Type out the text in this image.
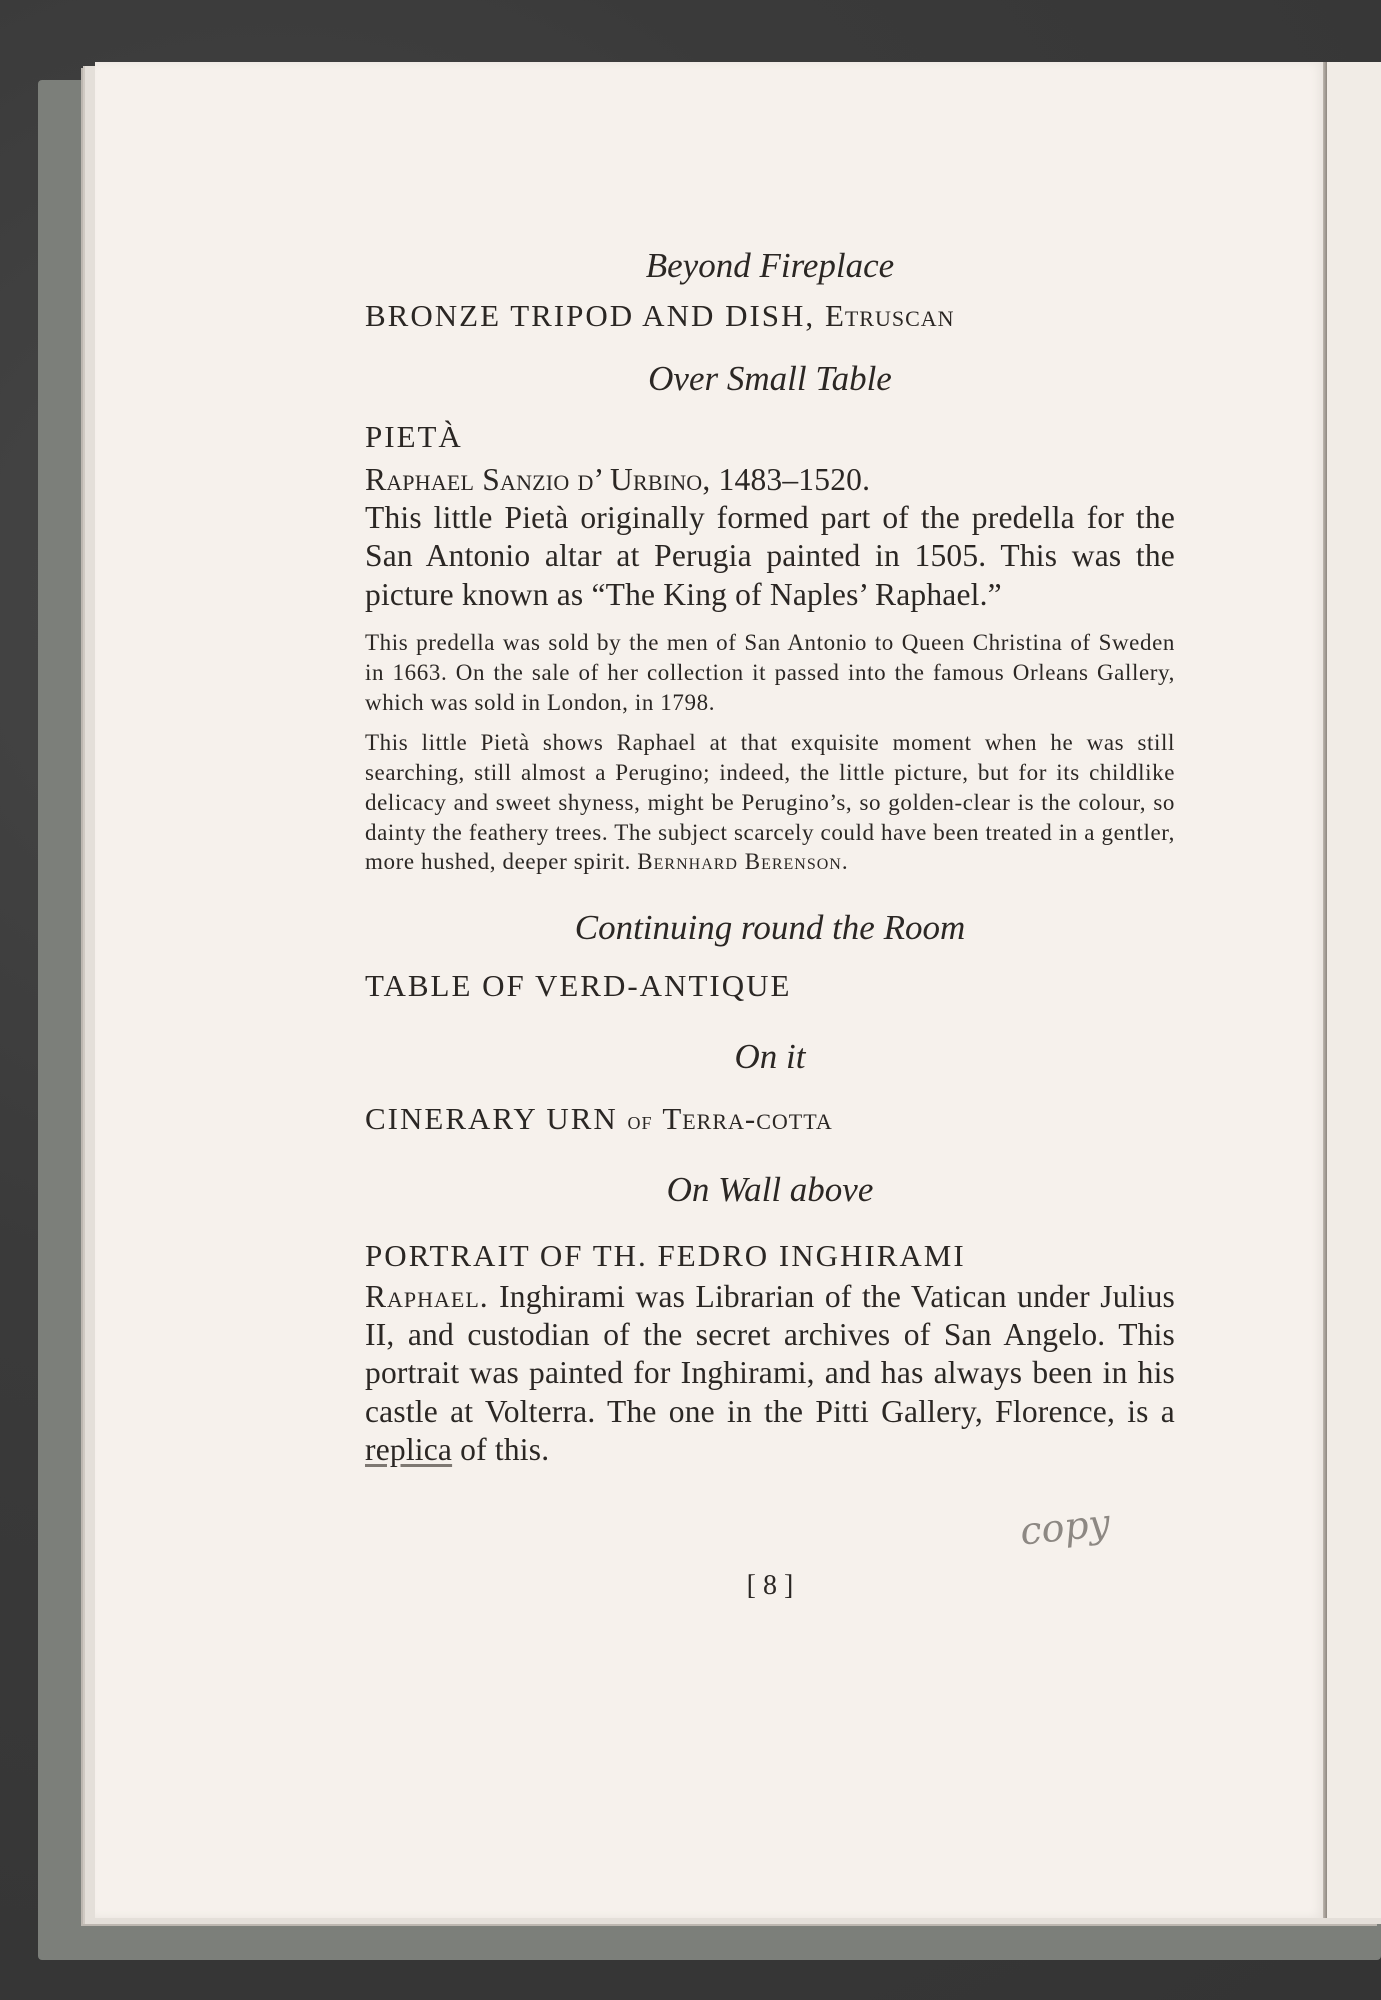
Beyond Fireplace

BRONZE TRIPOD AND DISH, Etruscan

Over Small Table

PIETÀ

Raphael Sanzio d’ Urbino, 1483–1520.

This little Pietà originally formed part of the predella for the San Antonio altar at Perugia painted in 1505. This was the picture known as “The King of Naples’ Raphael.”

This predella was sold by the men of San Antonio to Queen Christina of Sweden in 1663. On the sale of her collection it passed into the famous Orleans Gallery, which was sold in London, in 1798.

This little Pietà shows Raphael at that exquisite moment when he was still searching, still almost a Perugino; indeed, the little picture, but for its childlike delicacy and sweet shyness, might be Perugino’s, so golden-clear is the colour, so dainty the feathery trees. The subject scarcely could have been treated in a gentler, more hushed, deeper spirit. Bernhard Berenson.

Continuing round the Room

TABLE OF VERD-ANTIQUE

On it

CINERARY URN of Terra-cotta

On Wall above

PORTRAIT OF TH. FEDRO INGHIRAMI

Raphael. Inghirami was Librarian of the Vatican under Julius II, and custodian of the secret archives of San Angelo. This portrait was painted for Inghirami, and has always been in his castle at Volterra. The one in the Pitti Gallery, Florence, is a replica of this.

[ 8 ]
copy
